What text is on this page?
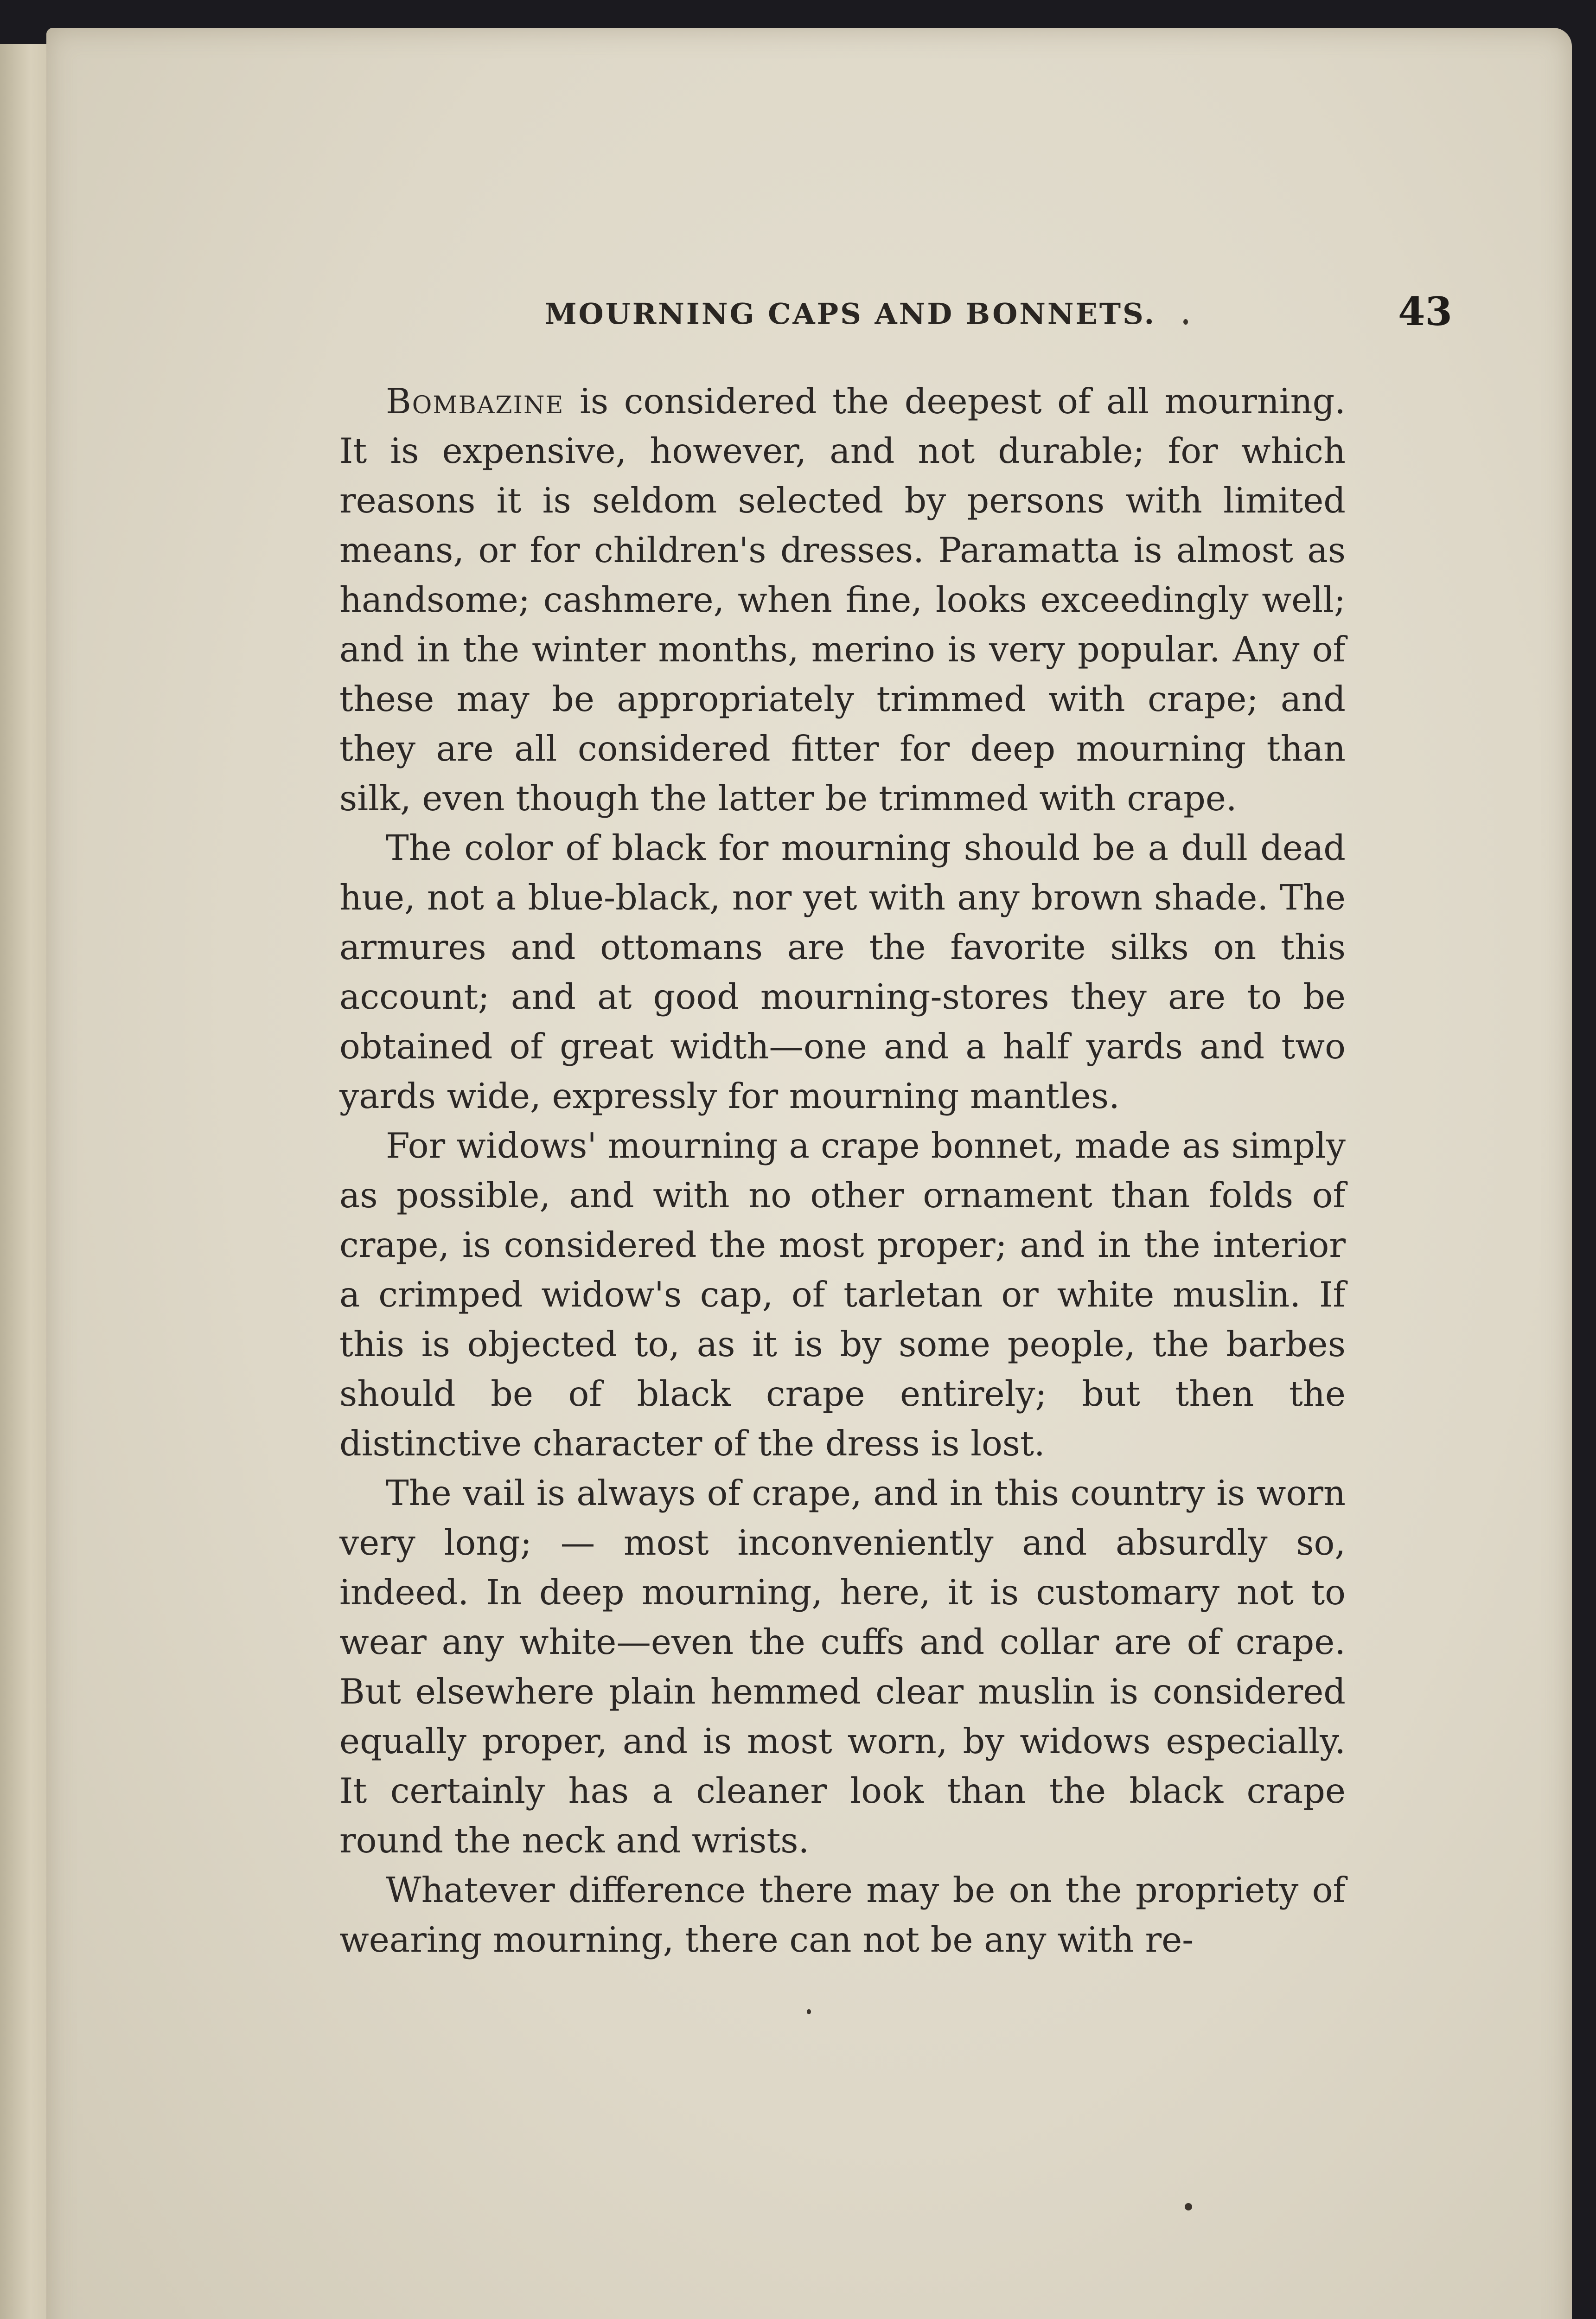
MOURNING CAPS AND BONNETS.	43

Bombazine is considered the deepest of all mourning. It is expensive, however, and not durable; for which reasons it is seldom selected by persons with limited means, or for children's dresses. Paramatta is almost as handsome; cashmere, when fine, looks exceedingly well; and in the winter months, merino is very popular. Any of these may be appropriately trimmed with crape; and they are all considered fitter for deep mourning than silk, even though the latter be trimmed with crape.

The color of black for mourning should be a dull dead hue, not a blue-black, nor yet with any brown shade. The armures and ottomans are the favorite silks on this account; and at good mourning-stores they are to be obtained of great width—one and a half yards and two yards wide, expressly for mourning mantles.

For widows' mourning a crape bonnet, made as simply as possible, and with no other ornament than folds of crape, is considered the most proper; and in the interior a crimped widow's cap, of tarletan or white muslin. If this is objected to, as it is by some people, the barbes should be of black crape entirely; but then the distinctive character of the dress is lost.

The vail is always of crape, and in this country is worn very long; — most inconveniently and absurdly so, indeed. In deep mourning, here, it is customary not to wear any white—even the cuffs and collar are of crape. But elsewhere plain hemmed clear muslin is considered equally proper, and is most worn, by widows especially. It certainly has a cleaner look than the black crape round the neck and wrists.

Whatever difference there may be on the propriety of wearing mourning, there can not be any with re-
